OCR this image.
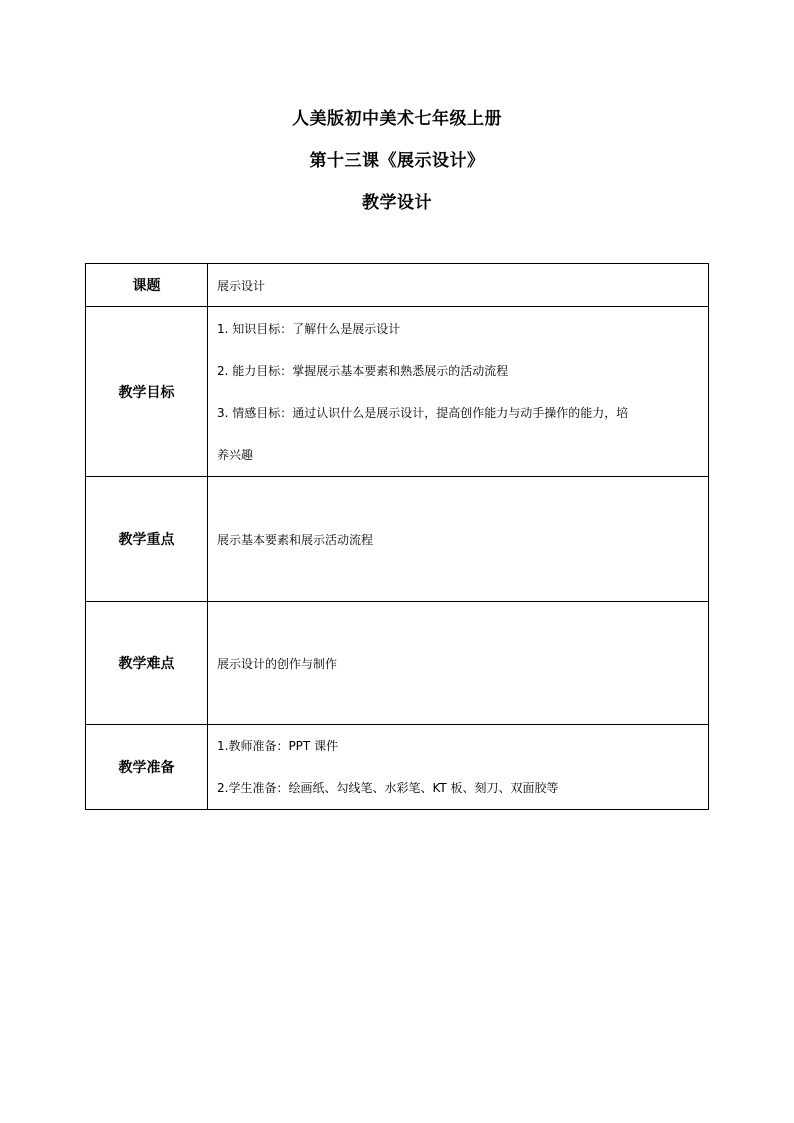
人美版初中美术七年级上册
第十三课《展示设计》
教学设计
课题	展示设计
教学目标	1. 知识目标：了解什么是展示设计
2. 能力目标：掌握展示基本要素和熟悉展示的活动流程
3. 情感目标：通过认识什么是展示设计，提高创作能力与动手操作的能力，培
养兴趣

教学重点	展示基本要素和展示活动流程
教学难点	展示设计的创作与制作
教学准备	1.教师准备：PPT 课件
2.学生准备：绘画纸、勾线笔、水彩笔、KT 板、刻刀、双面胶等
